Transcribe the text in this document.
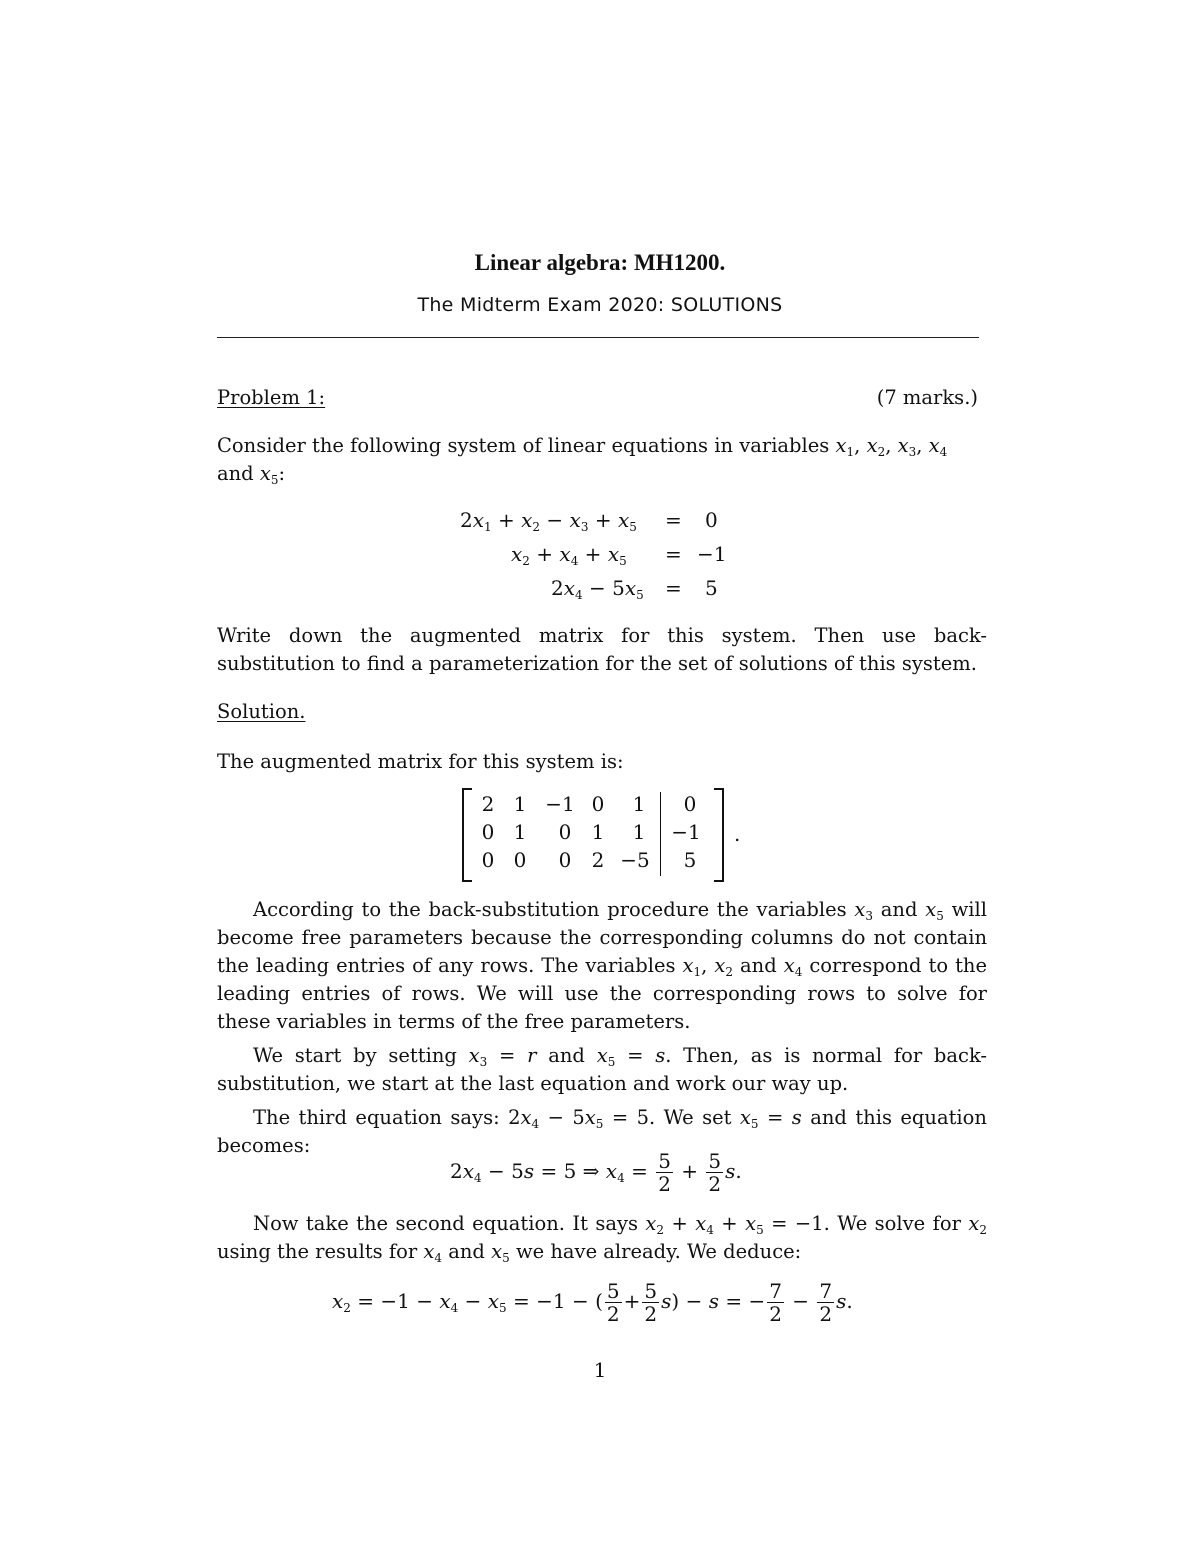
Linear algebra: MH1200.
The Midterm Exam 2020: SOLUTIONS
Problem 1:	(7 marks.)
Consider the following system of linear equations in variables $x_1$, $x_2$, $x_3$, $x_4$
and $x_5$:
$2x_1 + x_2 - x_3 + x_5 = 0$
$x_2 + x_4 + x_5 = -1$
$2x_4 - 5x_5 = 5$
Write down the augmented matrix for this system. Then use back-substitution to find a parameterization for the set of solutions of this system.
Solution.
The augmented matrix for this system is:
2 1 −1 0	1	0
0 1	0	1	1	−1
0 0	0	2 −5	5
.
According to the back-substitution procedure the variables $x_3$ and $x_5$ will become free parameters because the corresponding columns do not contain the leading entries of any rows. The variables $x_1$, $x_2$ and $x_4$ correspond to the leading entries of rows. We will use the corresponding rows to solve for these variables in terms of the free parameters.
We start by setting $x_3 = r$ and $x_5 = s$. Then, as is normal for back-substitution, we start at the last equation and work our way up.
The third equation says: $2x_4 - 5x_5 = 5$. We set $x_5 = s$ and this equation becomes:
$2x_4 - 5s = 5$ ⇒ $x_4 = \frac{5}{2} + \frac{5}{2} s$.
Now take the second equation. It says $x_2 + x_4 + x_5 = -1$. We solve for $x_2$ using the results for $x_4$ and $x_5$ we have already. We deduce:
$x_2 = -1 - x_4 - x_5 = -1$ − ( $\frac{5}{2} + \frac{5}{2} s) - s$ = − $\frac{7}{2} - \frac{7}{2} s$.
1
